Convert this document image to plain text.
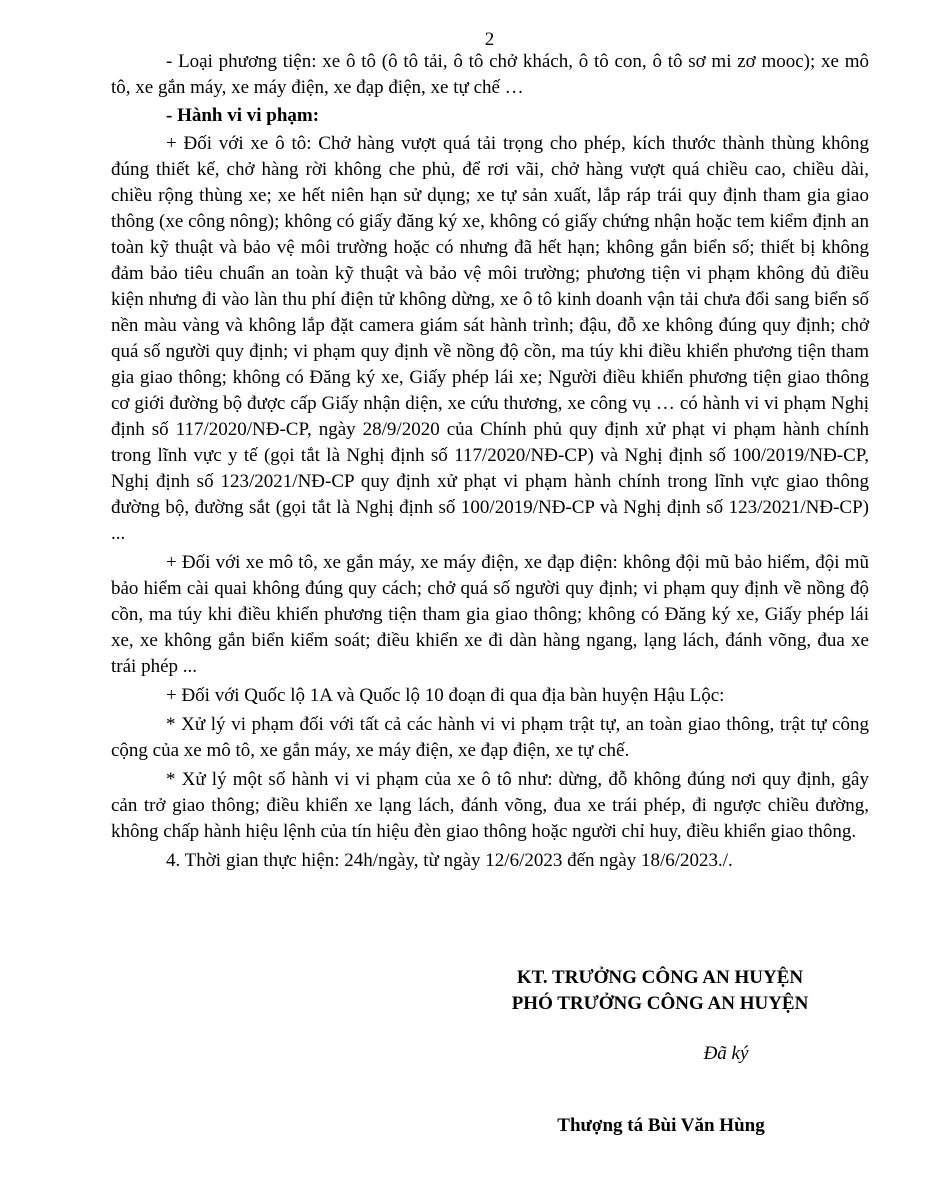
2

- Loại phương tiện: xe ô tô (ô tô tải, ô tô chở khách, ô tô con, ô tô sơ mi zơ mooc); xe mô tô, xe gắn máy, xe máy điện, xe đạp điện, xe tự chế …

- Hành vi vi phạm:

+ Đối với xe ô tô: Chở hàng vượt quá tải trọng cho phép, kích thước thành thùng không đúng thiết kế, chở hàng rời không che phủ, để rơi vãi, chở hàng vượt quá chiều cao, chiều dài, chiều rộng thùng xe; xe hết niên hạn sử dụng; xe tự sản xuất, lắp ráp trái quy định tham gia giao thông (xe công nông); không có giấy đăng ký xe, không có giấy chứng nhận hoặc tem kiểm định an toàn kỹ thuật và bảo vệ môi trường hoặc có nhưng đã hết hạn; không gắn biển số; thiết bị không đảm bảo tiêu chuẩn an toàn kỹ thuật và bảo vệ môi trường; phương tiện vi phạm không đủ điều kiện nhưng đi vào làn thu phí điện tử không dừng, xe ô tô kinh doanh vận tải chưa đổi sang biển số nền màu vàng và không lắp đặt camera giám sát hành trình; đậu, đỗ xe không đúng quy định; chở quá số người quy định; vi phạm quy định về nồng độ cồn, ma túy khi điều khiển phương tiện tham gia giao thông; không có Đăng ký xe, Giấy phép lái xe; Người điều khiển phương tiện giao thông cơ giới đường bộ được cấp Giấy nhận diện, xe cứu thương, xe công vụ … có hành vi vi phạm Nghị định số 117/2020/NĐ-CP, ngày 28/9/2020 của Chính phủ quy định xử phạt vi phạm hành chính trong lĩnh vực y tế (gọi tắt là Nghị định số 117/2020/NĐ-CP) và Nghị định số 100/2019/NĐ-CP, Nghị định số 123/2021/NĐ-CP quy định xử phạt vi phạm hành chính trong lĩnh vực giao thông đường bộ, đường sắt (gọi tắt là Nghị định số 100/2019/NĐ-CP và Nghị định số 123/2021/NĐ-CP) ...

+ Đối với xe mô tô, xe gắn máy, xe máy điện, xe đạp điện: không đội mũ bảo hiểm, đội mũ bảo hiểm cài quai không đúng quy cách; chở quá số người quy định; vi phạm quy định về nồng độ cồn, ma túy khi điều khiển phương tiện tham gia giao thông; không có Đăng ký xe, Giấy phép lái xe, xe không gắn biển kiểm soát; điều khiển xe đi dàn hàng ngang, lạng lách, đánh võng, đua xe trái phép ...

+ Đối với Quốc lộ 1A và Quốc lộ 10 đoạn đi qua địa bàn huyện Hậu Lộc:

* Xử lý vi phạm đối với tất cả các hành vi vi phạm trật tự, an toàn giao thông, trật tự công cộng của xe mô tô, xe gắn máy, xe máy điện, xe đạp điện, xe tự chế.

* Xử lý một số hành vi vi phạm của xe ô tô như: dừng, đỗ không đúng nơi quy định, gây cản trở giao thông; điều khiển xe lạng lách, đánh võng, đua xe trái phép, đi ngược chiều đường, không chấp hành hiệu lệnh của tín hiệu đèn giao thông hoặc người chỉ huy, điều khiển giao thông.

4. Thời gian thực hiện: 24h/ngày, từ ngày 12/6/2023 đến ngày 18/6/2023./.

KT. TRƯỞNG CÔNG AN HUYỆN
PHÓ TRƯỞNG CÔNG AN HUYỆN
Đã ký
Thượng tá Bùi Văn Hùng
